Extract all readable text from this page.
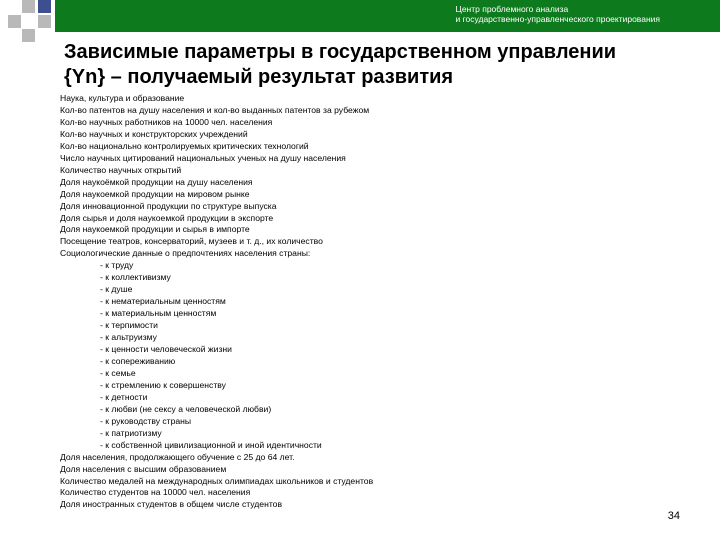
Центр проблемного анализа
и государственно-управленческого проектирования
Зависимые параметры в государственном управлении
{Yn} – получаемый результат развития
Наука, культура и образование
Кол-во патентов на душу населения и кол-во выданных патентов за рубежом
Кол-во научных работников на 10000 чел. населения
Кол-во научных и конструкторских учреждений
Кол-во национально контролируемых критических технологий
Число научных цитирований национальных ученых на душу населения
Количество научных открытий
Доля наукоёмкой продукции на душу населения
Доля наукоемкой продукции на мировом рынке
Доля инновационной продукции по структуре выпуска
Доля сырья и доля наукоемкой продукции в экспорте
Доля наукоемкой продукции и сырья в импорте
Посещение театров, консерваторий, музеев и т. д., их количество
Социологические данные о предпочтениях населения страны:
- к труду
- к коллективизму
- к душе
- к нематериальным ценностям
- к материальным ценностям
- к терпимости
- к альтруизму
- к ценности человеческой жизни
- к сопереживанию
- к семье
- к стремлению к совершенству
- к детности
- к любви (не сексу а человеческой любви)
- к руководству страны
- к патриотизму
- к собственной цивилизационной и иной идентичности
Доля населения, продолжающего обучение с 25 до 64 лет.
Доля населения с высшим образованием
Количество медалей на международных олимпиадах школьников и студентов
Количество студентов на 10000 чел. населения
Доля иностранных студентов в общем числе студентов
34
